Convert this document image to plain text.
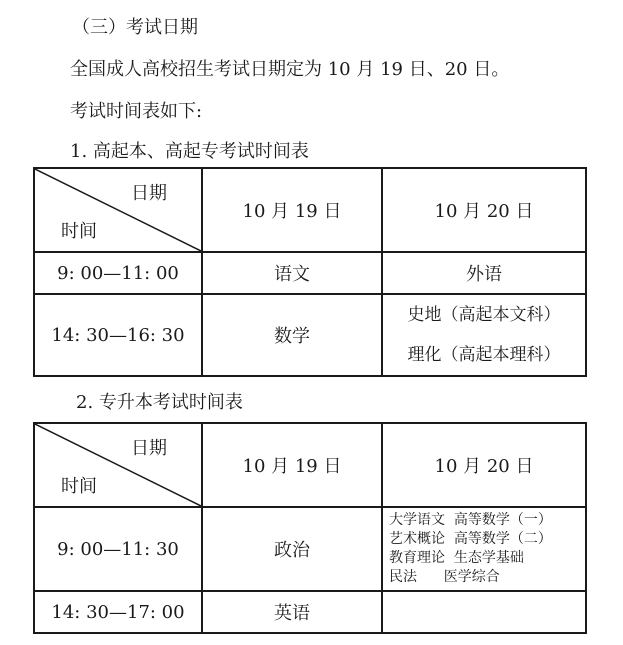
（三）考试日期
全国成人高校招生考试日期定为 10 月 19 日、20 日。
考试时间表如下:
1. 高起本、高起专考试时间表
日期
时间	10 月 19 日	10 月 20 日
9: 00—11: 00	语文	外语
14: 30—16: 30	数学	史地（高起本文科）
理化（高起本理科）
2. 专升本考试时间表
日期
时间	10 月 19 日	10 月 20 日
9: 00—11: 30	政治	大学语文  高等数学（一）
艺术概论  高等数学（二）
教育理论  生态学基础
民法      医学综合

14: 30—17: 00	英语	
